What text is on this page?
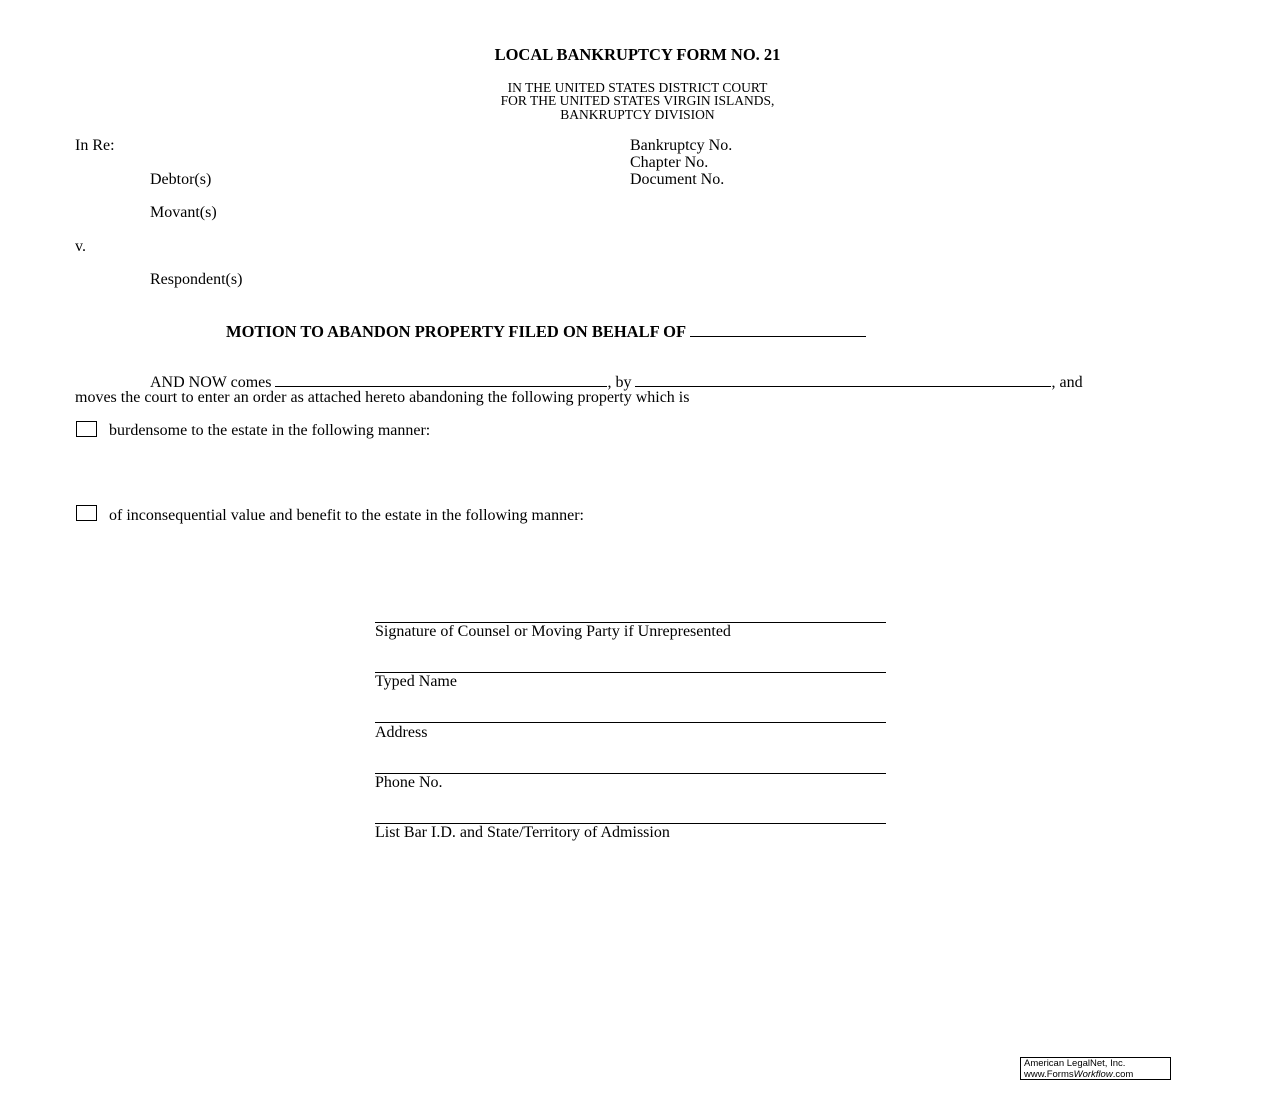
LOCAL BANKRUPTCY FORM NO. 21
IN THE UNITED STATES DISTRICT COURT
FOR THE UNITED STATES VIRGIN ISLANDS,
BANKRUPTCY DIVISION
In Re:	Bankruptcy No.
Chapter No.
Document No.
Debtor(s)
Movant(s)
v.
Respondent(s)
MOTION TO ABANDON PROPERTY FILED ON BEHALF OF
AND NOW comes	, by	, and
moves the court to enter an order as attached hereto abandoning the following property which is
burdensome to the estate in the following manner:
of inconsequential value and benefit to the estate in the following manner:
Signature of Counsel or Moving Party if Unrepresented
Typed Name
Address
Phone No.
List Bar I.D. and State/Territory of Admission
American LegalNet, Inc.
www.FormsWorkflow.com
